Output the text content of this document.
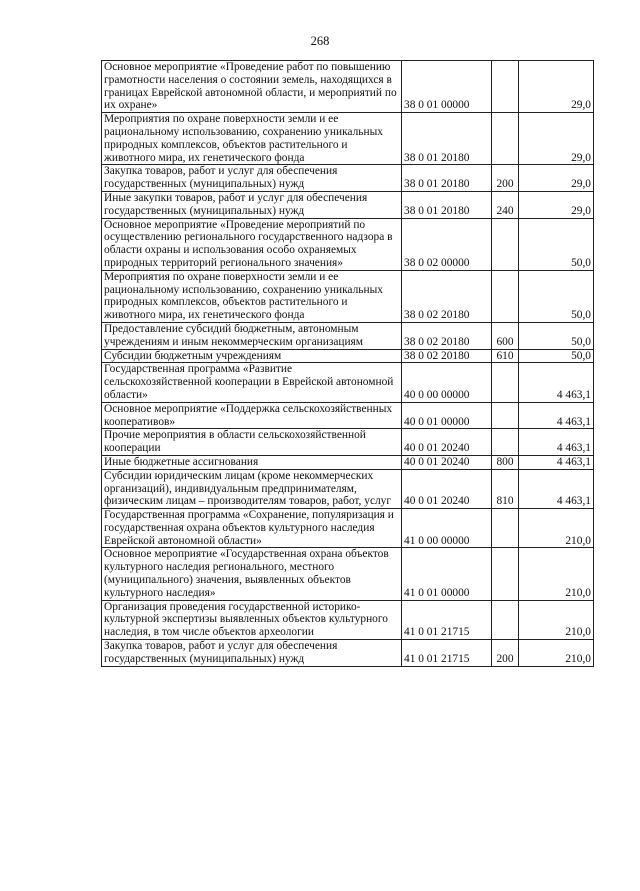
268
Основное мероприятие «Проведение работ по повышению грамотности населения о состоянии земель, находящихся в границах Еврейской автономной области, и мероприятий по их охране»	38 0 01 00000		29,0
Мероприятия по охране поверхности земли и ее рациональному использованию, сохранению уникальных природных комплексов, объектов растительного и животного мира, их генетического фонда	38 0 01 20180		29,0
Закупка товаров, работ и услуг для обеспечения государственных (муниципальных) нужд	38 0 01 20180	200	29,0
Иные закупки товаров, работ и услуг для обеспечения государственных (муниципальных) нужд	38 0 01 20180	240	29,0
Основное мероприятие «Проведение мероприятий по осуществлению регионального государственного надзора в области охраны и использования особо охраняемых природных территорий регионального значения»	38 0 02 00000		50,0
Мероприятия по охране поверхности земли и ее рациональному использованию, сохранению уникальных природных комплексов, объектов растительного и животного мира, их генетического фонда	38 0 02 20180		50,0
Предоставление субсидий бюджетным, автономным учреждениям и иным некоммерческим организациям	38 0 02 20180	600	50,0
Субсидии бюджетным учреждениям	38 0 02 20180	610	50,0
Государственная программа «Развитие сельскохозяйственной кооперации в Еврейской автономной области»	40 0 00 00000		4 463,1
Основное мероприятие «Поддержка сельскохозяйственных кооперативов»	40 0 01 00000		4 463,1
Прочие мероприятия в области сельскохозяйственной кооперации	40 0 01 20240		4 463,1
Иные бюджетные ассигнования	40 0 01 20240	800	4 463,1
Субсидии юридическим лицам (кроме некоммерческих организаций), индивидуальным предпринимателям, физическим лицам – производителям товаров, работ, услуг	40 0 01 20240	810	4 463,1
Государственная программа «Сохранение, популяризация и государственная охрана объектов культурного наследия Еврейской автономной области»	41 0 00 00000		210,0
Основное мероприятие «Государственная охрана объектов культурного наследия регионального, местного (муниципального) значения, выявленных объектов культурного наследия»	41 0 01 00000		210,0
Организация проведения государственной историко-культурной экспертизы выявленных объектов культурного наследия, в том числе объектов археологии	41 0 01 21715		210,0
Закупка товаров, работ и услуг для обеспечения государственных (муниципальных) нужд	41 0 01 21715	200	210,0
